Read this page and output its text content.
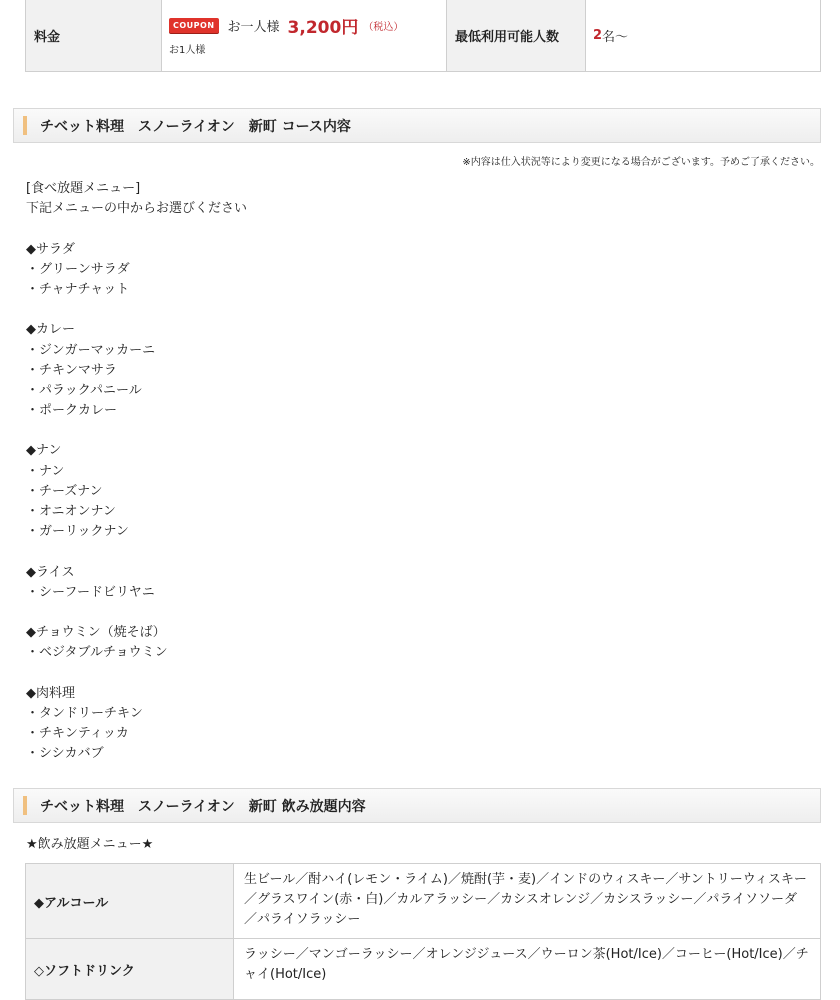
料金
COUPON	お一人様 3,200円 （税込）
お1人様
最低利用可能人数	2 名〜
チベット料理　スノーライオン　新町 コース内容
※内容は仕入状況等により変更になる場合がございます。予めご了承ください。
[食べ放題メニュー]
下記メニューの中からお選びください
◆サラダ
・グリーンサラダ
・チャナチャット
◆カレー
・ジンガーマッカーニ
・チキンマサラ
・パラックパニール
・ポークカレー
◆ナン
・ナン
・チーズナン
・オニオンナン
・ガーリックナン
◆ライス
・シーフードビリヤニ
◆チョウミン（焼そば）
・ベジタブルチョウミン
◆肉料理
・タンドリーチキン
・チキンティッカ
・シシカバブ
チベット料理　スノーライオン　新町 飲み放題内容
★飲み放題メニュー★
◆アルコール
生ビール／酎ハイ(レモン・ライム)／焼酎(芋・麦)／インドのウィスキー／サントリーウィスキー／グラスワイン(赤・白)／カルアラッシー／カシスオレンジ／カシスラッシー／パライソソーダ／パライソラッシー
◇ソフトドリンク
ラッシー／マンゴーラッシー／オレンジジュース／ウーロン茶(Hot/Ice)／コーヒー(Hot/Ice)／チャイ(Hot/Ice)
